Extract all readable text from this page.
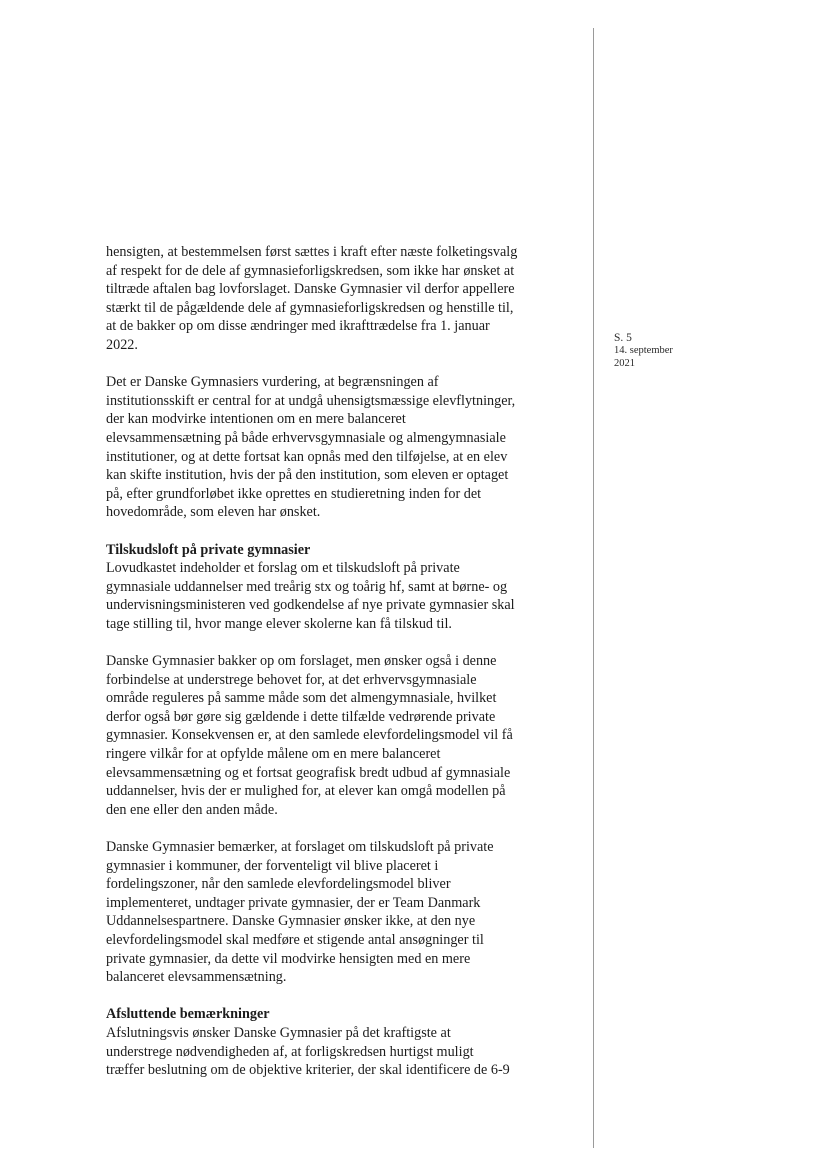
S. 5
14. september
2021

hensigten, at bestemmelsen først sættes i kraft efter næste folketingsvalg
af respekt for de dele af gymnasieforligskredsen, som ikke har ønsket at
tiltræde aftalen bag lovforslaget. Danske Gymnasier vil derfor appellere
stærkt til de pågældende dele af gymnasieforligskredsen og henstille til,
at de bakker op om disse ændringer med ikrafttrædelse fra 1. januar
2022.

Det er Danske Gymnasiers vurdering, at begrænsningen af
institutionsskift er central for at undgå uhensigtsmæssige elevflytninger,
der kan modvirke intentionen om en mere balanceret
elevsammensætning på både erhvervsgymnasiale og almengymnasiale
institutioner, og at dette fortsat kan opnås med den tilføjelse, at en elev
kan skifte institution, hvis der på den institution, som eleven er optaget
på, efter grundforløbet ikke oprettes en studieretning inden for det
hovedområde, som eleven har ønsket.

Tilskudsloft på private gymnasier

Lovudkastet indeholder et forslag om et tilskudsloft på private
gymnasiale uddannelser med treårig stx og toårig hf, samt at børne- og
undervisningsministeren ved godkendelse af nye private gymnasier skal
tage stilling til, hvor mange elever skolerne kan få tilskud til.

Danske Gymnasier bakker op om forslaget, men ønsker også i denne
forbindelse at understrege behovet for, at det erhvervsgymnasiale
område reguleres på samme måde som det almengymnasiale, hvilket
derfor også bør gøre sig gældende i dette tilfælde vedrørende private
gymnasier. Konsekvensen er, at den samlede elevfordelingsmodel vil få
ringere vilkår for at opfylde målene om en mere balanceret
elevsammensætning og et fortsat geografisk bredt udbud af gymnasiale
uddannelser, hvis der er mulighed for, at elever kan omgå modellen på
den ene eller den anden måde.

Danske Gymnasier bemærker, at forslaget om tilskudsloft på private
gymnasier i kommuner, der forventeligt vil blive placeret i
fordelingszoner, når den samlede elevfordelingsmodel bliver
implementeret, undtager private gymnasier, der er Team Danmark
Uddannelsespartnere. Danske Gymnasier ønsker ikke, at den nye
elevfordelingsmodel skal medføre et stigende antal ansøgninger til
private gymnasier, da dette vil modvirke hensigten med en mere
balanceret elevsammensætning.

Afsluttende bemærkninger

Afslutningsvis ønsker Danske Gymnasier på det kraftigste at
understrege nødvendigheden af, at forligskredsen hurtigst muligt
træffer beslutning om de objektive kriterier, der skal identificere de 6-9
